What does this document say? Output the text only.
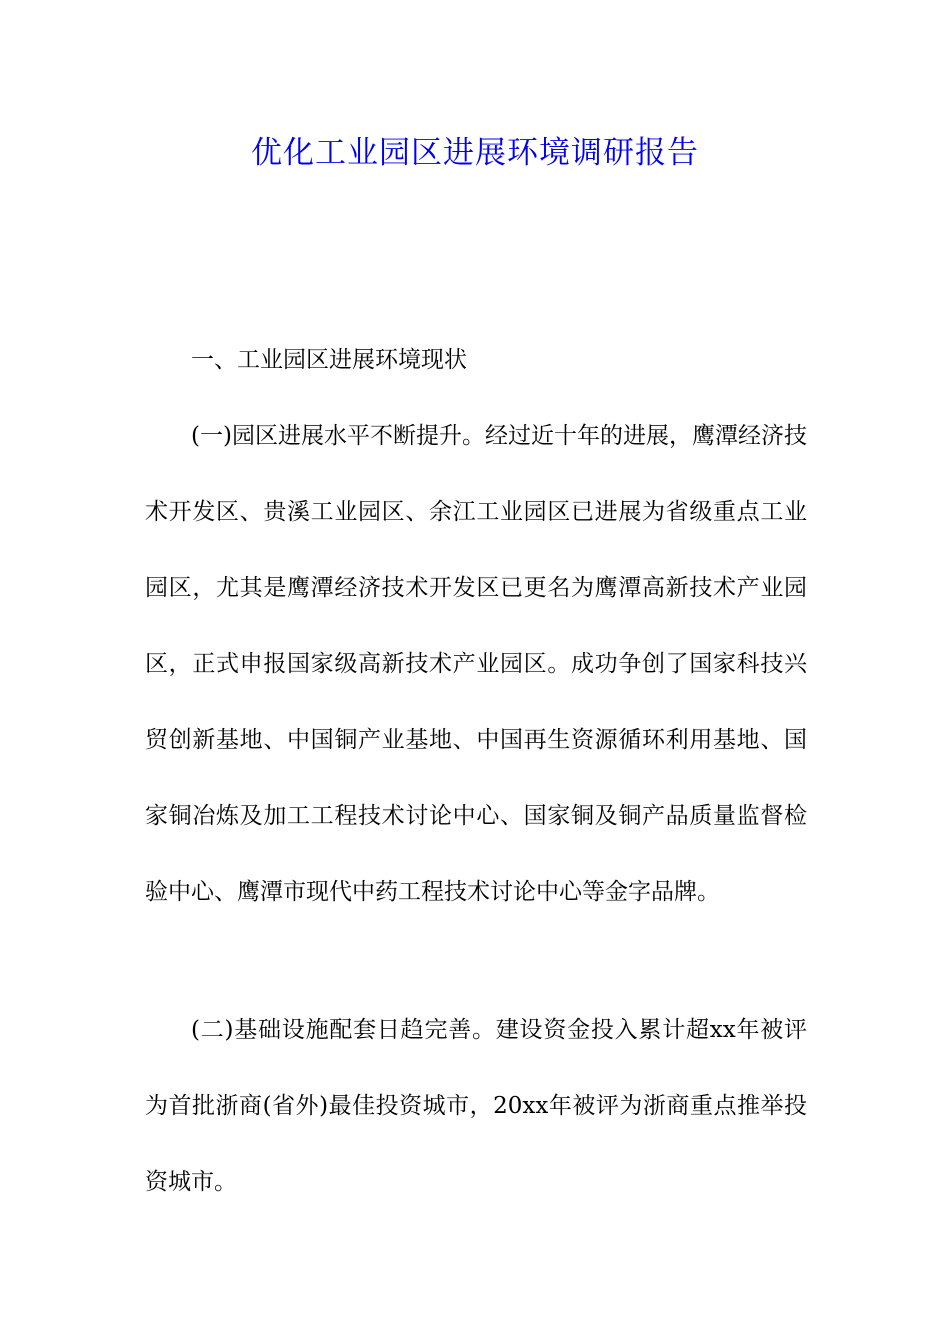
优化工业园区进展环境调研报告

一、工业园区进展环境现状

(一)园区进展水平不断提升。经过近十年的进展，鹰潭经济技术开发区、贵溪工业园区、余江工业园区已进展为省级重点工业园区，尤其是鹰潭经济技术开发区已更名为鹰潭高新技术产业园区，正式申报国家级高新技术产业园区。成功争创了国家科技兴贸创新基地、中国铜产业基地、中国再生资源循环利用基地、国家铜冶炼及加工工程技术讨论中心、国家铜及铜产品质量监督检验中心、鹰潭市现代中药工程技术讨论中心等金字品牌。

(二)基础设施配套日趋完善。建设资金投入累计超xx年被评为首批浙商(省外)最佳投资城市，20xx年被评为浙商重点推举投资城市。
